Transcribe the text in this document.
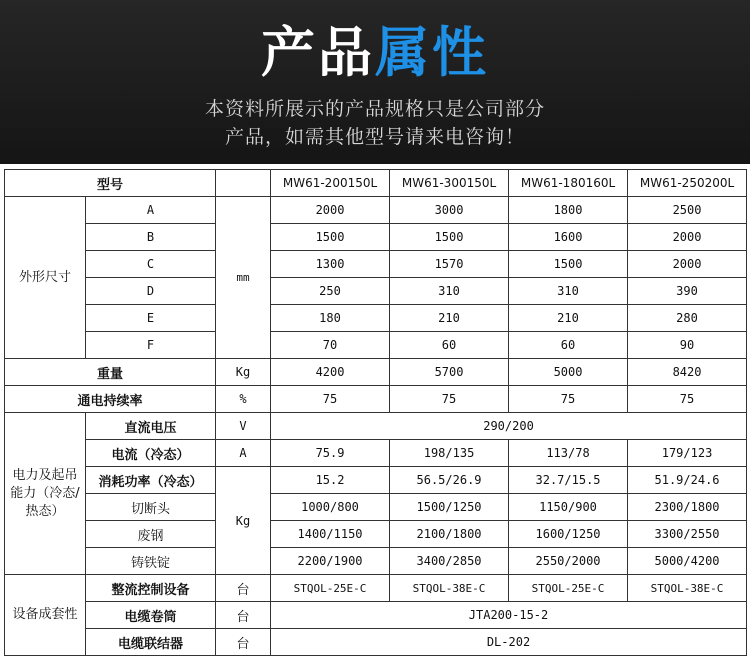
产品属性
本资料所展示的产品规格只是公司部分
产品，如需其他型号请来电咨询！
型号			MW61-200150L	MW61-300150L	MW61-180160L	MW61-250200L
外形尺寸	A	mm	2000	3000	1800	2500
	B		1500	1500	1600	2000
	C		1300	1570	1500	2000
	D		250	310	310	390
	E		180	210	210	280
	F		70	60	60	90
重量		Kg	4200	5700	5000	8420
通电持续率		%	75	75	75	75
电力及起吊能力（冷态/热态）	直流电压	V	290/200			
	电流（冷态）	A	75.9	198/135	113/78	179/123
	消耗功率（冷态）	Kg	15.2	56.5/26.9	32.7/15.5	51.9/24.6
	切断头		1000/800	1500/1250	1150/900	2300/1800
	废钢		1400/1150	2100/1800	1600/1250	3300/2550
	铸铁锭		2200/1900	3400/2850	2550/2000	5000/4200
设备成套性	整流控制设备	台	STQOL-25E-C	STQOL-38E-C	STQOL-25E-C	STQOL-38E-C
	电缆卷筒	台	JTA200-15-2			
	电缆联结器	台	DL-202			
